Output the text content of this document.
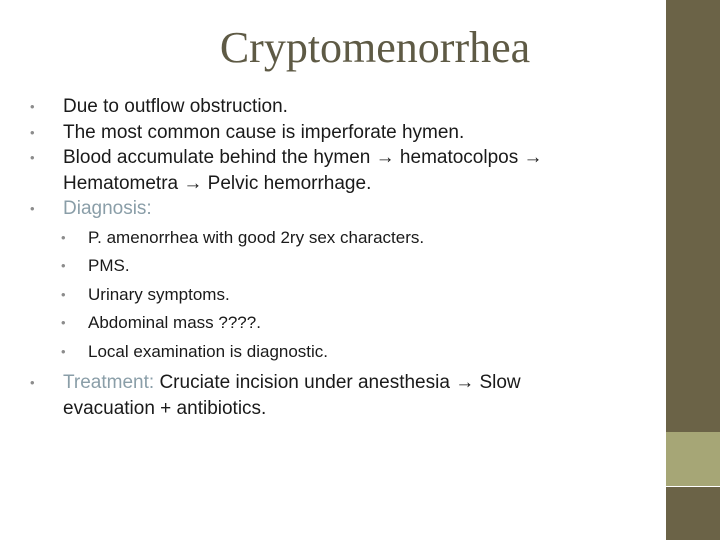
Cryptomenorrhea
• Due to outflow obstruction.
• The most common cause is imperforate hymen.
• Blood accumulate behind the hymen → hematocolpos →
Hematometra → Pelvic hemorrhage.
• Diagnosis:
• P. amenorrhea with good 2ry sex characters.
• PMS.
• Urinary symptoms.
• Abdominal mass ????.
• Local examination is diagnostic.
• Treatment: Cruciate incision under anesthesia → Slow
evacuation + antibiotics.
